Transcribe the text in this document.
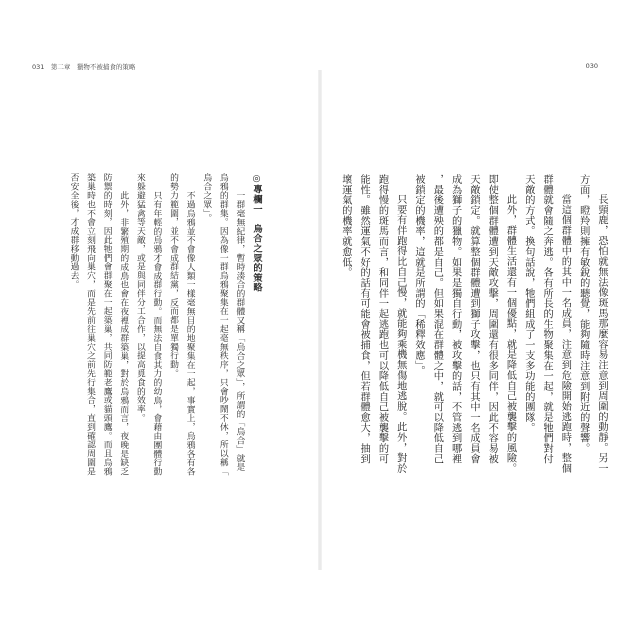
031　第二章　獵物不被捕食的策略	030

長頸鹿，恐怕就無法像斑馬那麼容易注意到周圍的動靜。另一方面，瞪羚則擁有敏銳的聽覺，能夠隨時注意到附近的聲響。

當這個群體中的其中一名成員，注意到危險開始逃跑時，整個群體就會隨之奔逃。各有所長的生物聚集在一起，就是牠們對付天敵的方式。換句話說，牠們組成了一支多功能的團隊。

此外，群體生活還有一個優點，就是降低自己被襲擊的風險。即使整個群體遭到天敵攻擊，周圍還有很多同伴，因此不容易被天敵鎖定。就算整個群體遭到獅子攻擊，也只有其中一名成員會成為獅子的獵物。如果是獨自行動，被攻擊的話，不管逃到哪裡，最後遭殃的都是自己。但如果混在群體之中，就可以降低自己被鎖定的機率，這就是所謂的「稀釋效應」。

只要有伴跑得比自己慢，就能夠乘機無傷地逃脫。此外，對於跑得慢的斑馬而言，和同伴一起逃跑也可以降低自己被襲擊的可能性。雖然運氣不好的話有可能會被捕食，但若群體愈大，抽到壞運氣的機率就愈低。

◎專欄一　烏合之眾的策略

一群毫無紀律，暫時湊合的群體又稱「烏合之眾」，所謂的「烏合」就是烏鴉的群集。因為像一群烏鴉聚集在一起毫無秩序，只會吵鬧不休，所以稱「烏合之眾」。

不過烏鴉並不會像人類一樣毫無目的地聚集在一起，事實上，烏鴉各有各的勢力範圍，並不會成群結黨，反而都是單獨行動。

只有年輕的烏鴉才會成群行動。而無法自食其力的幼鳥，會藉由團體行動來躲避猛禽等天敵，或是與同伴分工合作，以提高覓食的效率。

此外，非繁殖期的成鳥也會在夜裡成群築巢，對於烏鴉而言，夜晚是缺乏防禦的時刻，因此牠們會群聚在一起築巢，共同防範老鷹或貓頭鷹。而且烏鴉築巢時也不會立刻飛向巢穴，而是先前往巢穴之前先行集合，直到確認周圍是否安全後，才成群移動過去。
